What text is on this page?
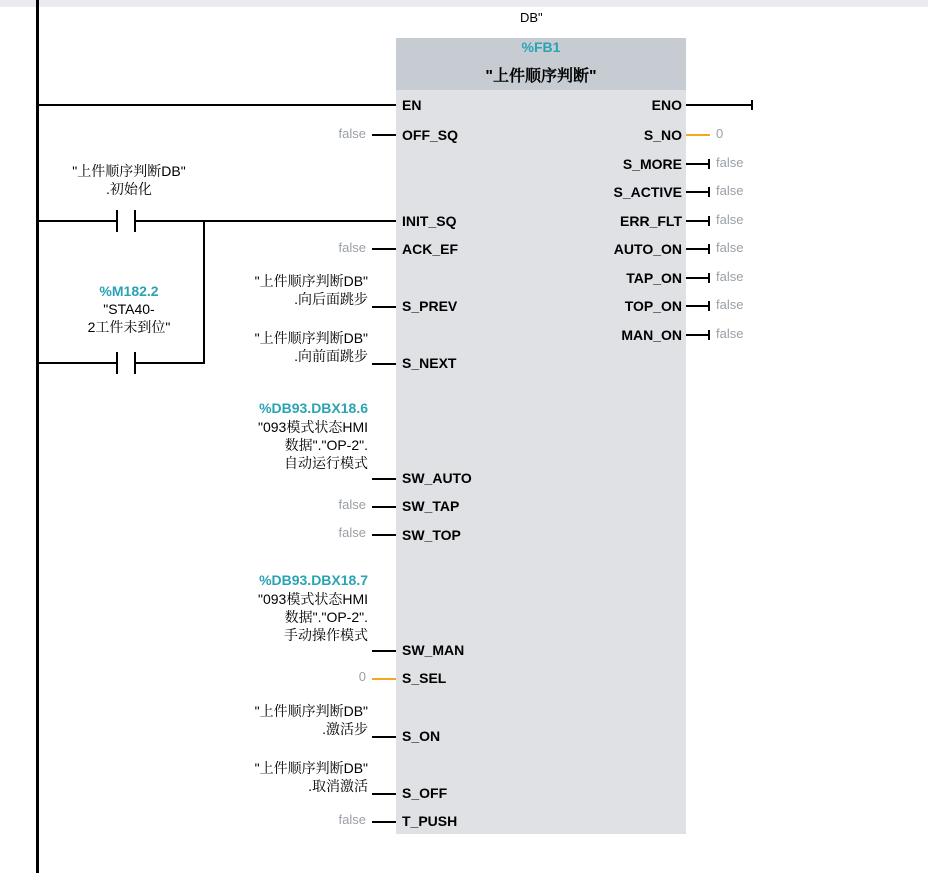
%FB1
"上件顺序判断"
DB"
"上件顺序判断DB"
.初始化
%M182.2
"STA40-
2工件未到位"
EN
OFF_SQ
INIT_SQ
ACK_EF
S_PREV
S_NEXT
SW_AUTO
SW_TAP
SW_TOP
SW_MAN
S_SEL
S_ON
S_OFF
T_PUSH
false
false
false
false
0
false
"上件顺序判断DB"
.向后面跳步
"上件顺序判断DB"
.向前面跳步
%DB93.DBX18.6
"093模式状态HMI
数据"."OP-2".
自动运行模式
%DB93.DBX18.7
"093模式状态HMI
数据"."OP-2".
手动操作模式
"上件顺序判断DB"
.激活步
"上件顺序判断DB"
.取消激活
ENO
S_NO
S_MORE
S_ACTIVE
ERR_FLT
AUTO_ON
TAP_ON
TOP_ON
MAN_ON
0
false
false
false
false
false
false
false
